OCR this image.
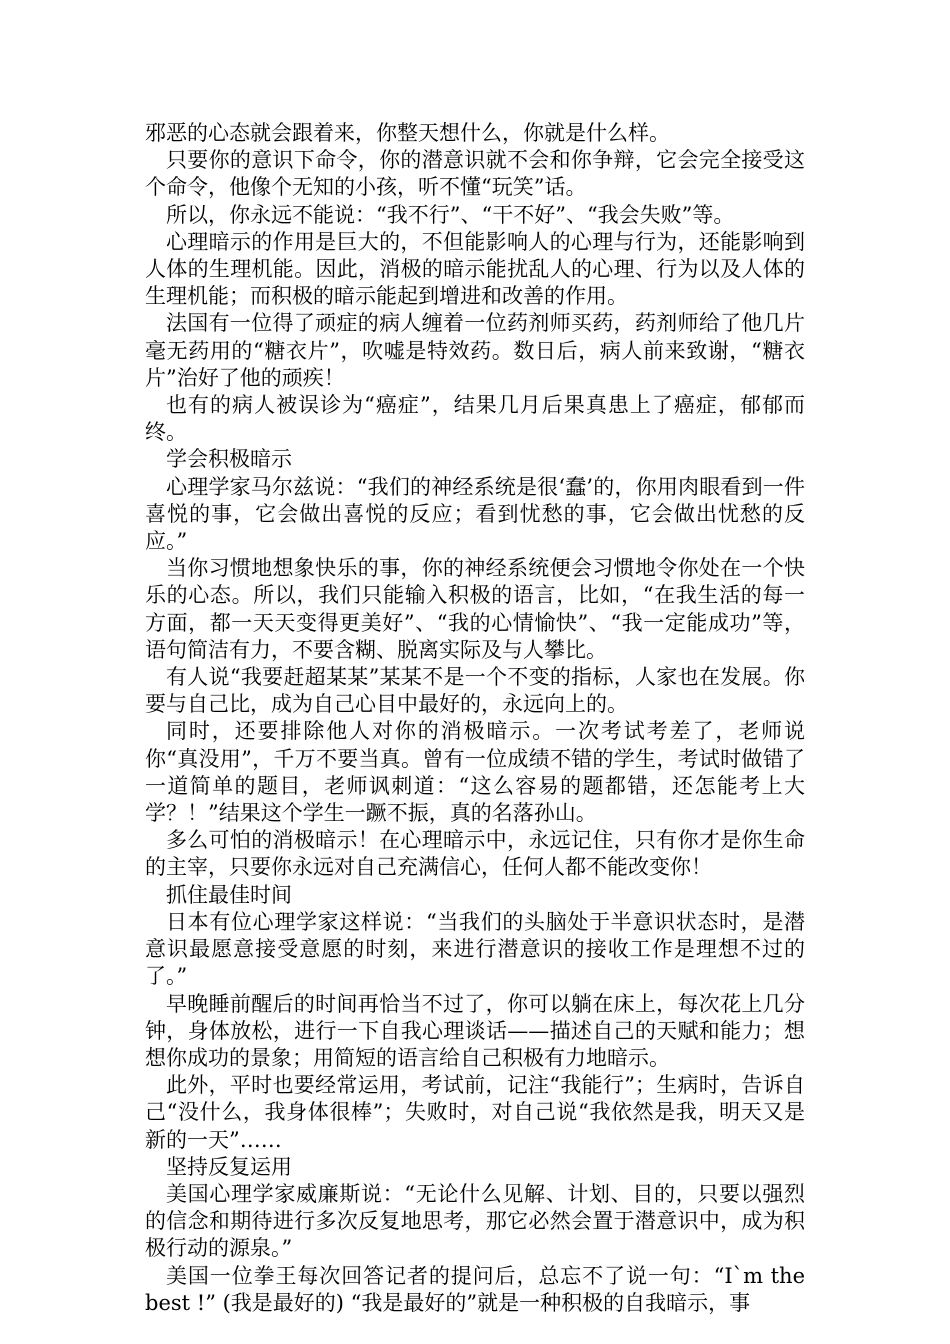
邪恶的心态就会跟着来，你整天想什么，你就是什么样。

只要你的意识下命令，你的潜意识就不会和你争辩，它会完全接受这个命令，他像个无知的小孩，听不懂“玩笑”话。

所以，你永远不能说：“我不行”、“干不好”、“我会失败”等。

心理暗示的作用是巨大的，不但能影响人的心理与行为，还能影响到人体的生理机能。因此，消极的暗示能扰乱人的心理、行为以及人体的生理机能；而积极的暗示能起到增进和改善的作用。

法国有一位得了顽症的病人缠着一位药剂师买药，药剂师给了他几片毫无药用的“糖衣片”，吹嘘是特效药。数日后，病人前来致谢，“糖衣片”治好了他的顽疾！

也有的病人被误诊为“癌症”，结果几月后果真患上了癌症，郁郁而终。

学会积极暗示

心理学家马尔兹说：“我们的神经系统是很‘蠢’的，你用肉眼看到一件喜悦的事，它会做出喜悦的反应；看到忧愁的事，它会做出忧愁的反应。”

当你习惯地想象快乐的事，你的神经系统便会习惯地令你处在一个快乐的心态。所以，我们只能输入积极的语言，比如，“在我生活的每一方面，都一天天变得更美好”、“我的心情愉快”、“我一定能成功”等，语句简洁有力，不要含糊、脱离实际及与人攀比。

有人说“我要赶超某某”某某不是一个不变的指标，人家也在发展。你要与自己比，成为自己心目中最好的，永远向上的。

同时，还要排除他人对你的消极暗示。一次考试考差了，老师说你“真没用”，千万不要当真。曾有一位成绩不错的学生，考试时做错了一道简单的题目，老师讽刺道：“这么容易的题都错，还怎能考上大学？！”结果这个学生一蹶不振，真的名落孙山。

多么可怕的消极暗示！在心理暗示中，永远记住，只有你才是你生命的主宰，只要你永远对自己充满信心，任何人都不能改变你！

抓住最佳时间

日本有位心理学家这样说：“当我们的头脑处于半意识状态时，是潜意识最愿意接受意愿的时刻，来进行潜意识的接收工作是理想不过的了。”

早晚睡前醒后的时间再恰当不过了，你可以躺在床上，每次花上几分钟，身体放松，进行一下自我心理谈话——描述自己的天赋和能力；想想你成功的景象；用简短的语言给自己积极有力地暗示。

此外，平时也要经常运用，考试前，记注“我能行”；生病时，告诉自己“没什么，我身体很棒”；失败时，对自己说“我依然是我，明天又是新的一天”……

坚持反复运用

美国心理学家威廉斯说：“无论什么见解、计划、目的，只要以强烈的信念和期待进行多次反复地思考，那它必然会置于潜意识中，成为积极行动的源泉。”

美国一位拳王每次回答记者的提问后，总忘不了说一句：“I`m the best !” (我是最好的) “我是最好的”就是一种积极的自我暗示，事
